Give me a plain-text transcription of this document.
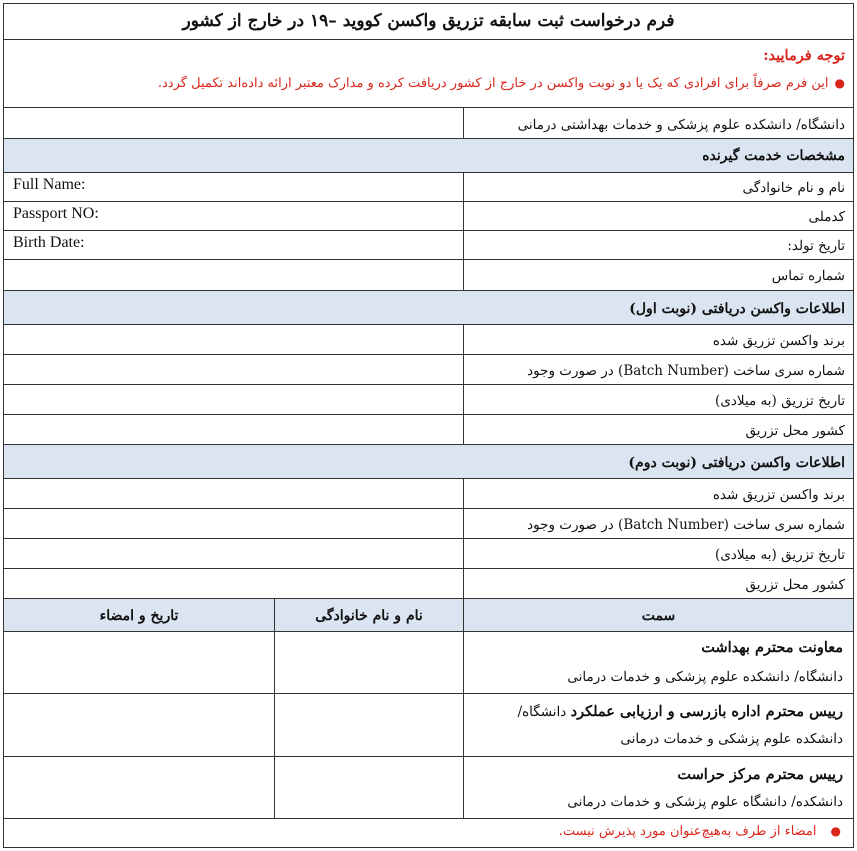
فرم درخواست ثبت سابقه تزریق واکسن کووید –۱۹ در خارج از کشور
توجه فرمایید:
●این فرم صرفاً برای افرادی که یک یا دو نوبت واکسن در خارج از کشور دریافت کرده و مدارک معتبر ارائه داده‌اند تکمیل گردد.
دانشگاه/ دانشکده علوم پزشکی و خدمات بهداشتی درمانی
مشخصات خدمت گیرنده
نام و نام خانوادگی
Full Name:
کدملی
Passport NO:
تاریخ تولد:
Birth Date:
شماره تماس
اطلاعات واکسن دریافتی (نوبت اول)
برند واکسن تزریق شده
شماره سری ساخت (Batch Number) در صورت وجود
تاریخ تزریق (به میلادی)
کشور محل تزریق
اطلاعات واکسن دریافتی (نوبت دوم)
برند واکسن تزریق شده
شماره سری ساخت (Batch Number) در صورت وجود
تاریخ تزریق (به میلادی)
کشور محل تزریق
سمت
نام و نام خانوادگی
تاریخ و امضاء
معاونت محترم بهداشت
دانشگاه/ دانشکده علوم پزشکی و خدمات درمانی
رییس محترم اداره بازرسی و ارزیابی عملکرد دانشگاه/
دانشکده علوم پزشکی و خدمات درمانی
رییس محترم مرکز حراست
دانشکده/ دانشگاه علوم پزشکی و خدمات درمانی
●امضاء از طرف به‌هیچ‌عنوان مورد پذیرش نیست.
